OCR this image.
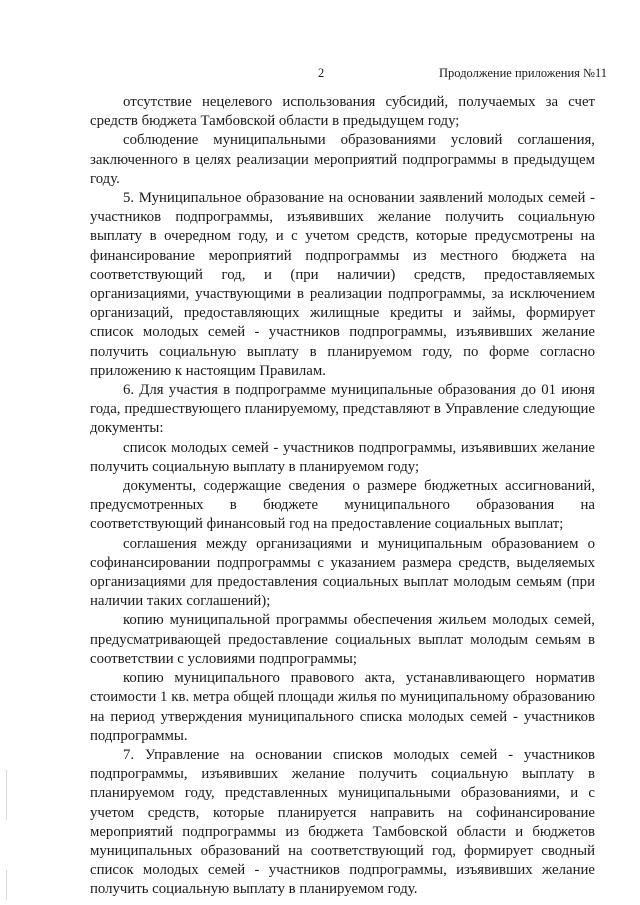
2	Продолжение приложения №11

отсутствие нецелевого использования субсидий, получаемых за счет средств бюджета Тамбовской области в предыдущем году;

соблюдение муниципальными образованиями условий соглашения, заключенного в целях реализации мероприятий подпрограммы в предыдущем году.

5. Муниципальное образование на основании заявлений молодых семей - участников подпрограммы, изъявивших желание получить социальную выплату в очередном году, и с учетом средств, которые предусмотрены на финансирование мероприятий подпрограммы из местного бюджета на соответствующий год, и (при наличии) средств, предоставляемых организациями, участвующими в реализации подпрограммы, за исключением организаций, предоставляющих жилищные кредиты и займы, формирует список молодых семей - участников подпрограммы, изъявивших желание получить социальную выплату в планируемом году, по форме согласно приложению к настоящим Правилам.

6. Для участия в подпрограмме муниципальные образования до 01 июня года, предшествующего планируемому, представляют в Управление следующие документы:

список молодых семей - участников подпрограммы, изъявивших желание получить социальную выплату в планируемом году;

документы, содержащие сведения о размере бюджетных ассигнований, предусмотренных в бюджете муниципального образования на соответствующий финансовый год на предоставление социальных выплат;

соглашения между организациями и муниципальным образованием о софинансировании подпрограммы с указанием размера средств, выделяемых организациями для предоставления социальных выплат молодым семьям (при наличии таких соглашений);

копию муниципальной программы обеспечения жильем молодых семей, предусматривающей предоставление социальных выплат молодым семьям в соответствии с условиями подпрограммы;

копию муниципального правового акта, устанавливающего норматив стоимости 1 кв. метра общей площади жилья по муниципальному образованию на период утверждения муниципального списка молодых семей - участников подпрограммы.

7. Управление на основании списков молодых семей - участников подпрограммы, изъявивших желание получить социальную выплату в планируемом году, представленных муниципальными образованиями, и с учетом средств, которые планируется направить на софинансирование мероприятий подпрограммы из бюджета Тамбовской области и бюджетов муниципальных образований на соответствующий год, формирует сводный список молодых семей - участников подпрограммы, изъявивших желание получить социальную выплату в планируемом году.
